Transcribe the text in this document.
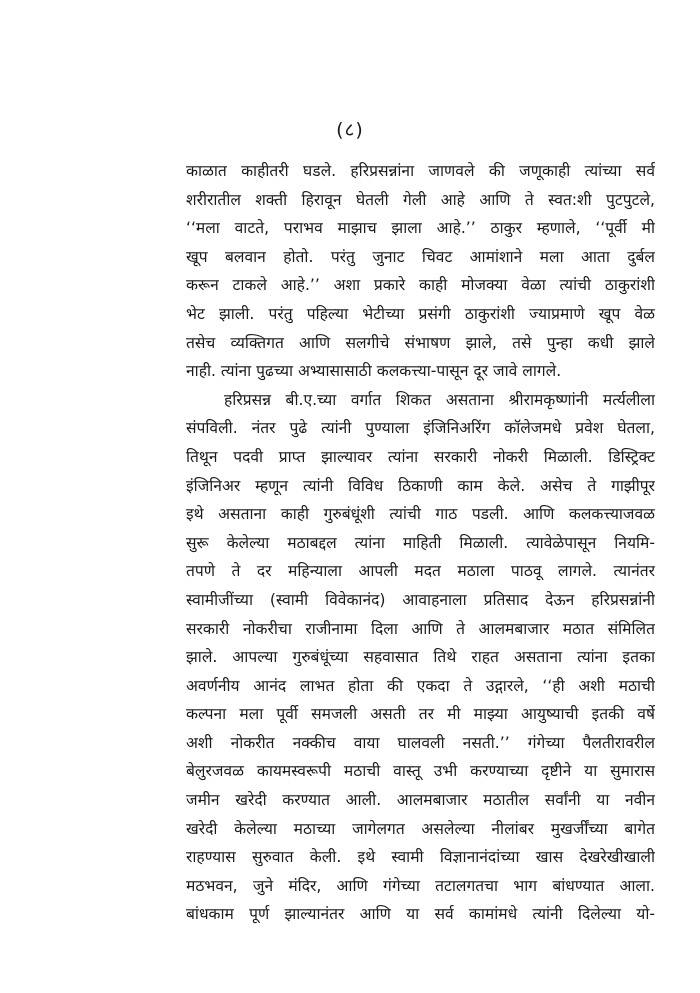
(८)
काळात काहीतरी घडले. हरिप्रसन्नांना जाणवले की जणूकाही त्यांच्या सर्व
शरीरातील शक्ती हिरावून घेतली गेली आहे आणि ते स्वत:शी पुटपुटले,
‘‘मला वाटते, पराभव माझाच झाला आहे.’’ ठाकुर म्हणाले, ‘‘पूर्वी मी
खूप बलवान होतो. परंतु जुनाट चिवट आमांशाने मला आता दुर्बल
करून टाकले आहे.’’ अशा प्रकारे काही मोजक्या वेळा त्यांची ठाकुरांशी
भेट झाली. परंतु पहिल्या भेटीच्या प्रसंगी ठाकुरांशी ज्याप्रमाणे खूप वेळ
तसेच व्यक्तिगत आणि सलगीचे संभाषण झाले, तसे पुन्हा कधी झाले
नाही. त्यांना पुढच्या अभ्यासासाठी कलकत्त्या-पासून दूर जावे लागले.
हरिप्रसन्न बी.ए.च्या वर्गात शिकत असताना श्रीरामकृष्णांनी मर्त्यलीला
संपविली. नंतर पुढे त्यांनी पुण्याला इंजिनिअरिंग कॉलेजमधे प्रवेश घेतला,
तिथून पदवी प्राप्त झाल्यावर त्यांना सरकारी नोकरी मिळाली. डिस्ट्रिक्ट
इंजिनिअर म्हणून त्यांनी विविध ठिकाणी काम केले. असेच ते गाझीपूर
इथे असताना काही गुरुबंधूंशी त्यांची गाठ पडली. आणि कलकत्त्याजवळ
सुरू केलेल्या मठाबद्दल त्यांना माहिती मिळाली. त्यावेळेपासून नियमि-
तपणे ते दर महिन्याला आपली मदत मठाला पाठवू लागले. त्यानंतर
स्वामीजींच्या (स्वामी विवेकानंद) आवाहनाला प्रतिसाद देऊन हरिप्रसन्नांनी
सरकारी नोकरीचा राजीनामा दिला आणि ते आलमबाजार मठात संमिलित
झाले. आपल्या गुरुबंधूंच्या सहवासात तिथे राहत असताना त्यांना इतका
अवर्णनीय आनंद लाभत होता की एकदा ते उद्गारले, ‘‘ही अशी मठाची
कल्पना मला पूर्वी समजली असती तर मी माझ्या आयुष्याची इतकी वर्षे
अशी नोकरीत नक्कीच वाया घालवली नसती.’’ गंगेच्या पैलतीरावरील
बेलुरजवळ कायमस्वरूपी मठाची वास्तू उभी करण्याच्या दृष्टीने या सुमारास
जमीन खरेदी करण्यात आली. आलमबाजार मठातील सर्वांनी या नवीन
खरेदी केलेल्या मठाच्या जागेलगत असलेल्या नीलांबर मुखर्जींच्या बागेत
राहण्यास सुरुवात केली. इथे स्वामी विज्ञानानंदांच्या खास देखरेखीखाली
मठभवन, जुने मंदिर, आणि गंगेच्या तटालगतचा भाग बांधण्यात आला.
बांधकाम पूर्ण झाल्यानंतर आणि या सर्व कामांमधे त्यांनी दिलेल्या यो-
